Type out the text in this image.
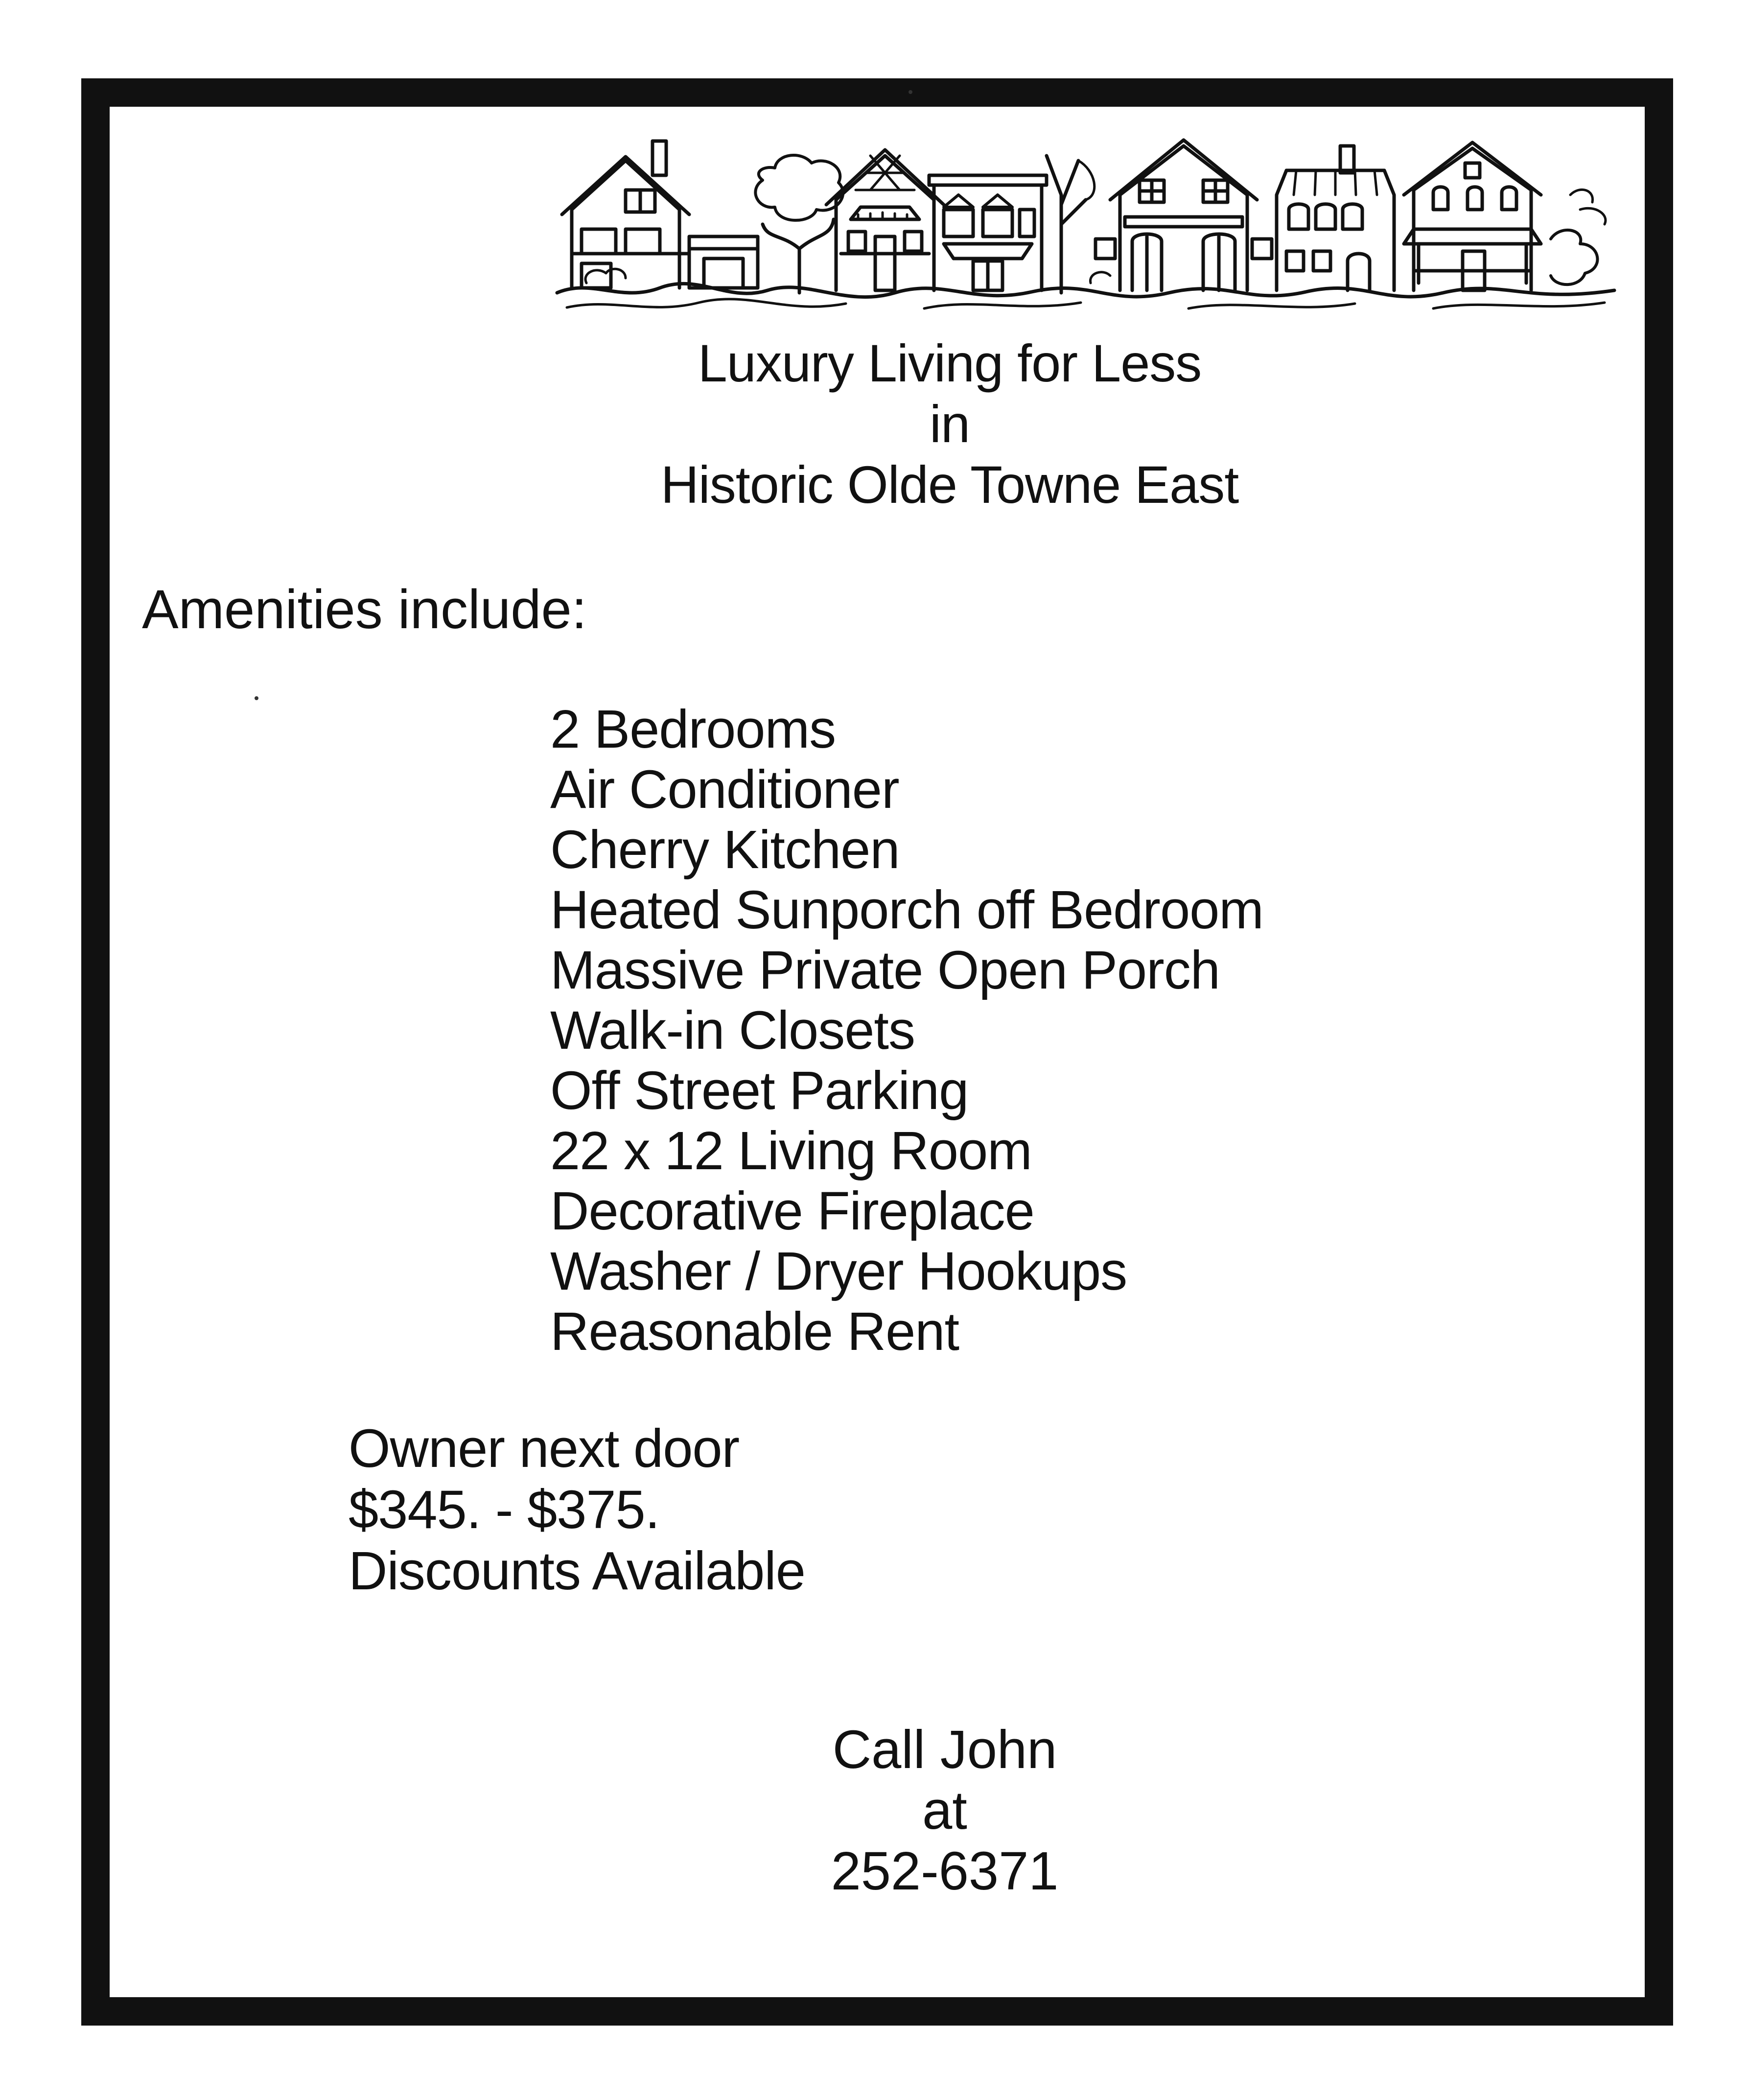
Luxury Living for Less
in
Historic Olde Towne East
Amenities include:
2 Bedrooms
Air Conditioner
Cherry Kitchen
Heated Sunporch off Bedroom
Massive Private Open Porch
Walk-in Closets
Off Street Parking
22 x 12 Living Room
Decorative Fireplace
Washer / Dryer Hookups
Reasonable Rent
Owner next door
$345. - $375.
Discounts Available
Call John
at
252-6371
